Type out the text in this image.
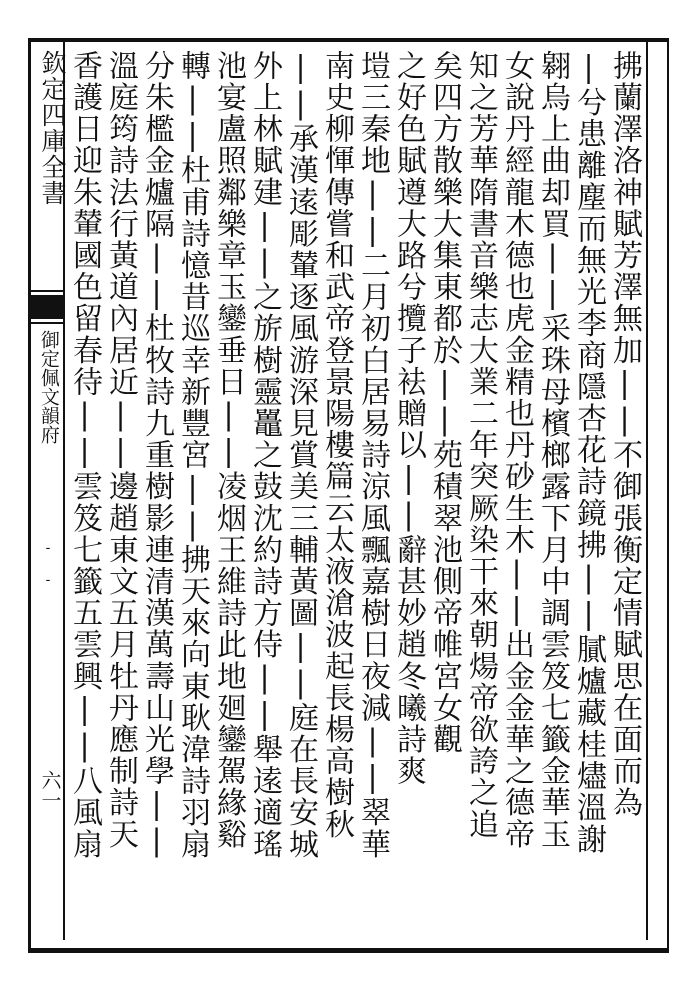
欽定四庫全書
御定佩文韻府
- -
六一	拂蘭澤洛神賦芳澤無加||不御張衡定情賦思在面而為
|兮患離塵而無光李商隱杏花詩鏡拂||膩爐藏桂燼溫謝
翱烏上曲却買||采珠母檳榔露下月中調雲笈七籤金華玉
女說丹經龍木德也虎金精也丹砂生木||出金金華之德帝
知之芳華隋書音樂志大業二年突厥染干來朝煬帝欲誇之追
矣四方散樂大集東都於||苑積翠池側帝帷宮女觀
之好色賦遵大路兮攬子袪贈以||辭甚妙趙冬曦詩爽
塏三秦地||二月初白居易詩涼風飄嘉樹日夜減||翠華
南史柳惲傳嘗和武帝登景陽樓篇云太液滄波起長楊高樹秋
||承漢逺彫輦逐風游深見賞美三輔黃圖||庭在長安城
外上林賦建||之旂樹靈鼉之鼓沈約詩方侍||舉逺適瑤
池宴盧照鄰樂章玉鑾垂日||凌烟王維詩此地廻鑾駕緣谿
轉||杜甫詩憶昔巡幸新豐宮||拂天來向東耿湋詩羽扇
分朱檻金爐隔||杜牧詩九重樹影連清漢萬壽山光學||
溫庭筠詩法行黃道內居近||邊趙東文五月牡丹應制詩天
香護日迎朱輦國色留春待||雲笈七籤五雲興||八風扇
